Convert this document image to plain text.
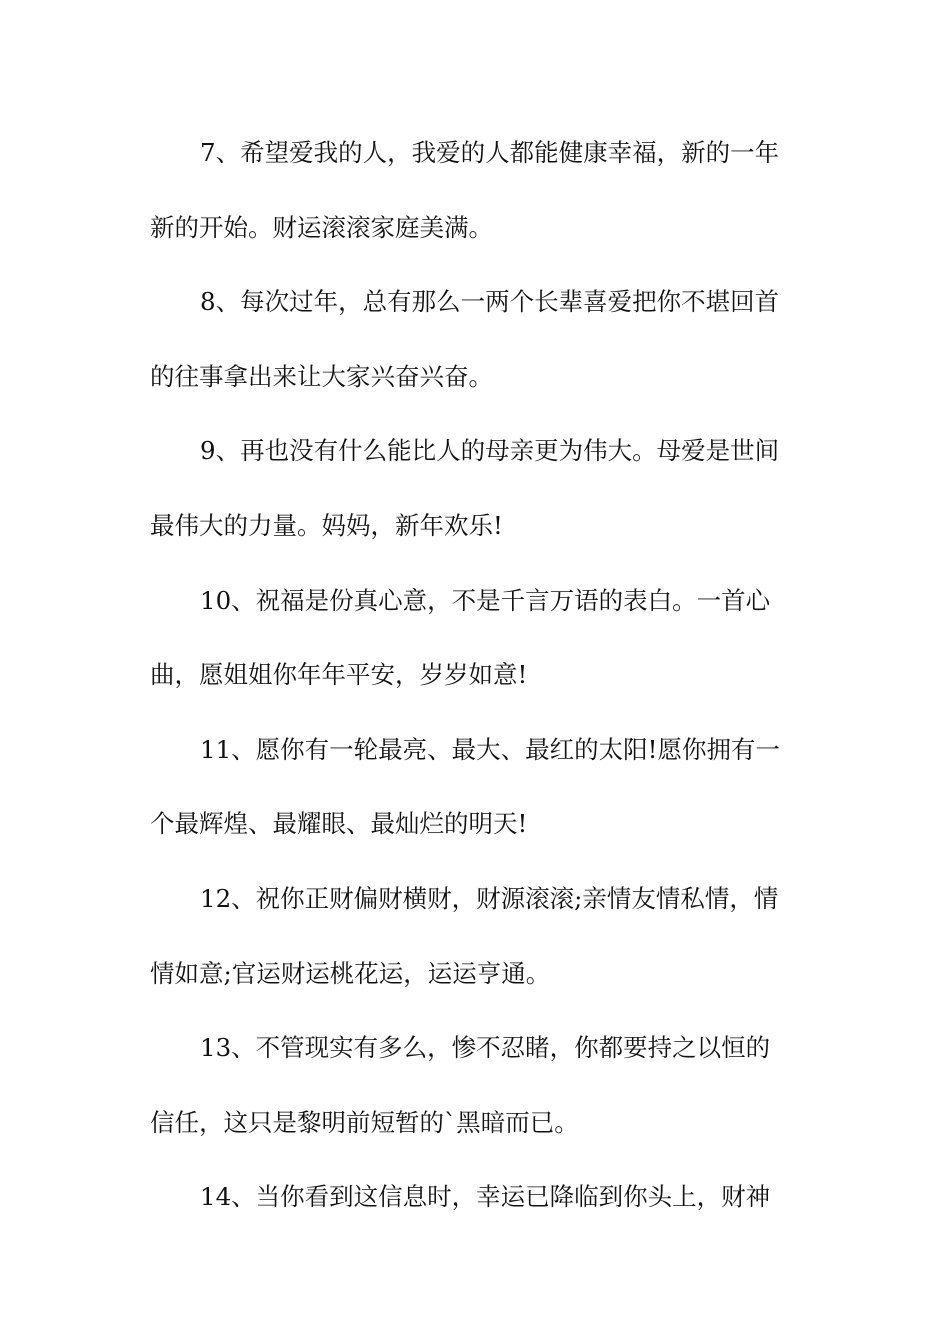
7、希望爱我的人，我爱的人都能健康幸福，新的一年
新的开始。财运滚滚家庭美满。
8、每次过年，总有那么一两个长辈喜爱把你不堪回首
的往事拿出来让大家兴奋兴奋。
9、再也没有什么能比人的母亲更为伟大。母爱是世间
最伟大的力量。妈妈，新年欢乐!
10、祝福是份真心意，不是千言万语的表白。一首心
曲，愿姐姐你年年平安，岁岁如意!
11、愿你有一轮最亮、最大、最红的太阳!愿你拥有一
个最辉煌、最耀眼、最灿烂的明天!
12、祝你正财偏财横财，财源滚滚;亲情友情私情，情
情如意;官运财运桃花运，运运亨通。
13、不管现实有多么，惨不忍睹，你都要持之以恒的
信任，这只是黎明前短暂的`黑暗而已。
14、当你看到这信息时，幸运已降临到你头上，财神
